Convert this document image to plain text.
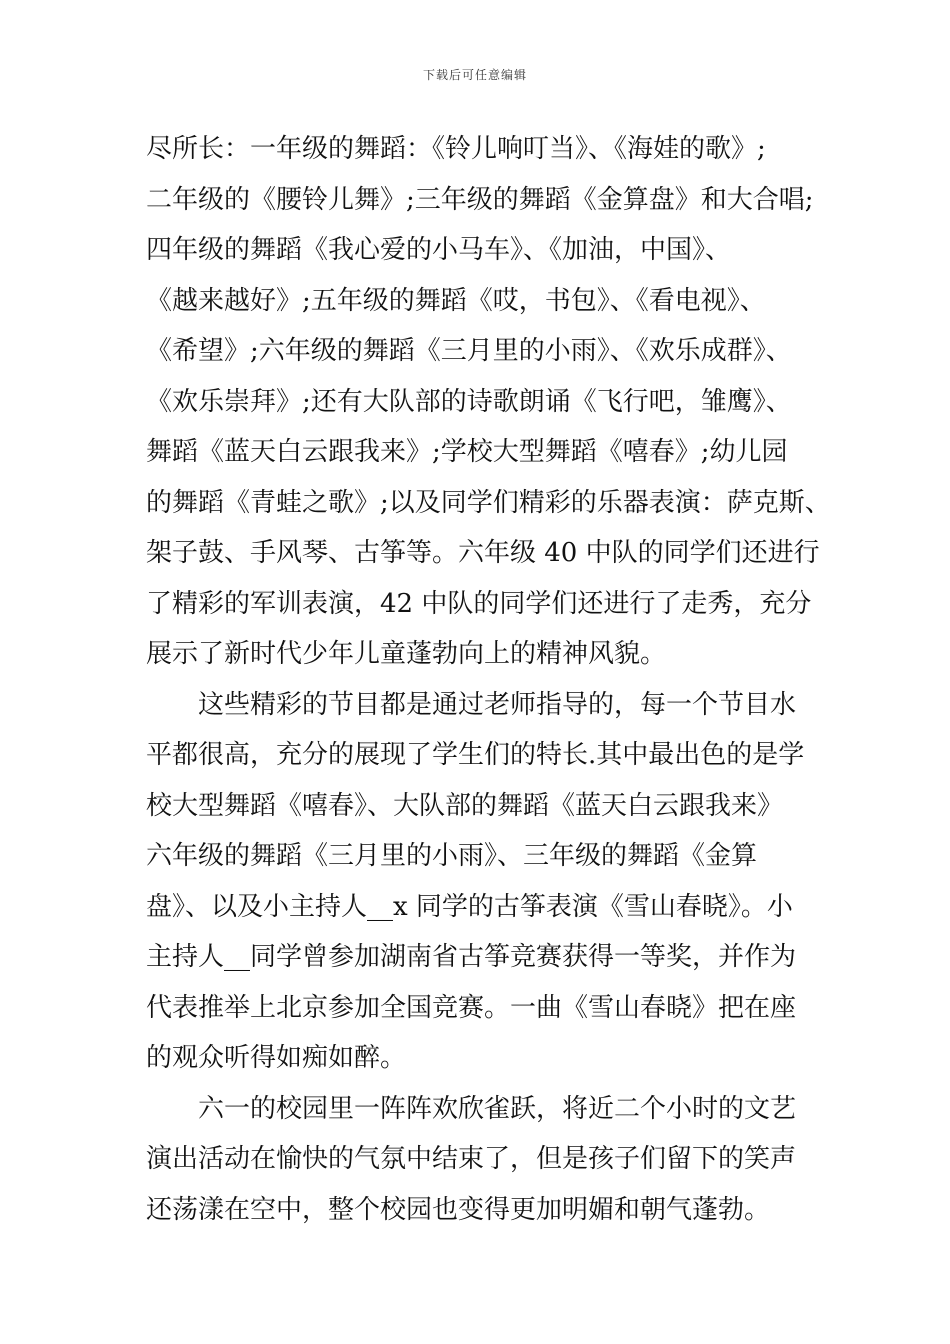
下载后可任意编辑
尽所长：一年级的舞蹈：《铃儿响叮当》、《海娃的歌》;
二年级的《腰铃儿舞》;三年级的舞蹈《金算盘》和大合唱;
四年级的舞蹈《我心爱的小马车》、《加油，中国》、
《越来越好》;五年级的舞蹈《哎，书包》、《看电视》、
《希望》;六年级的舞蹈《三月里的小雨》、《欢乐成群》、
《欢乐崇拜》;还有大队部的诗歌朗诵《飞行吧，雏鹰》、
舞蹈《蓝天白云跟我来》;学校大型舞蹈《嘻春》;幼儿园
的舞蹈《青蛙之歌》;以及同学们精彩的乐器表演：萨克斯、
架子鼓、手风琴、古筝等。六年级 40 中队的同学们还进行
了精彩的军训表演，42 中队的同学们还进行了走秀，充分
展示了新时代少年儿童蓬勃向上的精神风貌。
这些精彩的节目都是通过老师指导的，每一个节目水
平都很高，充分的展现了学生们的特长.其中最出色的是学
校大型舞蹈《嘻春》、大队部的舞蹈《蓝天白云跟我来》
六年级的舞蹈《三月里的小雨》、三年级的舞蹈《金算
盘》、以及小主持人__x 同学的古筝表演《雪山春晓》。小
主持人__同学曾参加湖南省古筝竞赛获得一等奖，并作为
代表推举上北京参加全国竞赛。一曲《雪山春晓》把在座
的观众听得如痴如醉。
六一的校园里一阵阵欢欣雀跃，将近二个小时的文艺
演出活动在愉快的气氛中结束了，但是孩子们留下的笑声
还荡漾在空中，整个校园也变得更加明媚和朝气蓬勃。
